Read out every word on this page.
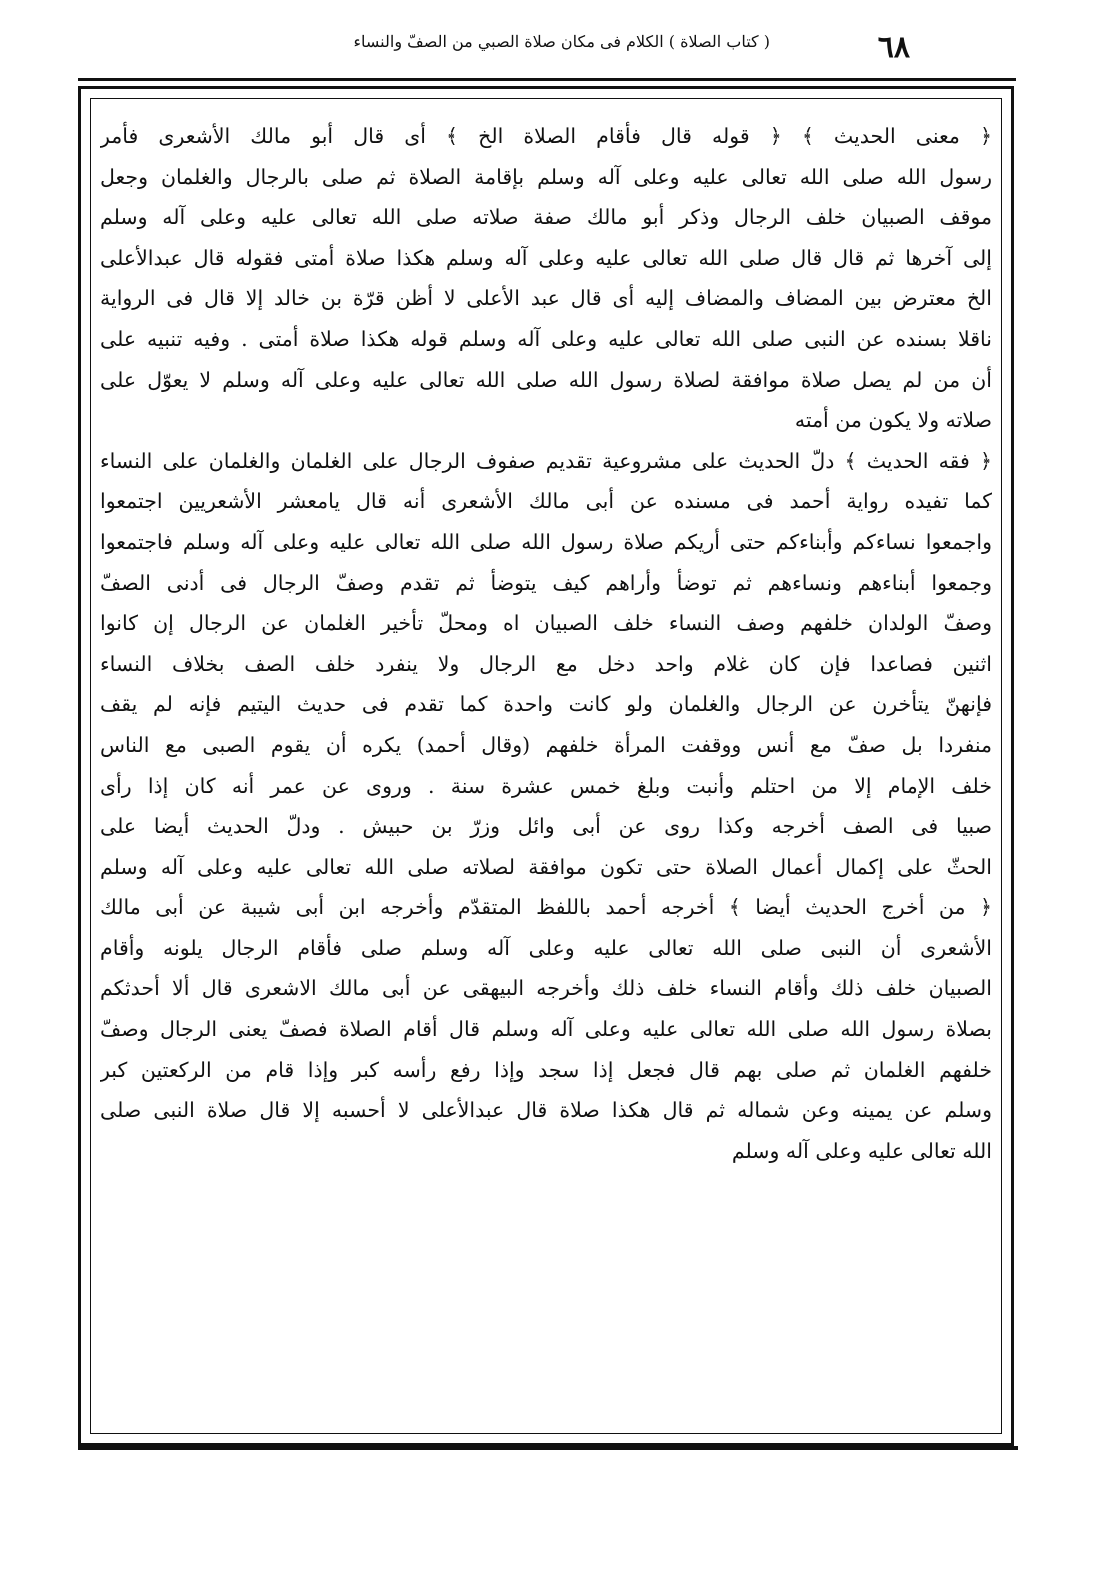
٦٨
( كتاب الصلاة ) الكلام فى مكان صلاة الصبي من الصفّ والنساء
﴿ معنى الحديث ﴾ ﴿ قوله قال فأقام الصلاة الخ ﴾ أى قال أبو مالك الأشعرى فأمر
رسول الله صلى الله تعالى عليه وعلى آله وسلم بإقامة الصلاة ثم صلى بالرجال والغلمان وجعل
موقف الصبيان خلف الرجال وذكر أبو مالك صفة صلاته صلى الله تعالى عليه وعلى آله وسلم
إلى آخرها ثم قال قال صلى الله تعالى عليه وعلى آله وسلم هكذا صلاة أمتى فقوله قال عبدالأعلى
الخ معترض بين المضاف والمضاف إليه أى قال عبد الأعلى لا أظن قرّة بن خالد إلا قال فى الرواية
ناقلا بسنده عن النبى صلى الله تعالى عليه وعلى آله وسلم قوله هكذا صلاة أمتى . وفيه تنبيه على
أن من لم يصل صلاة موافقة لصلاة رسول الله صلى الله تعالى عليه وعلى آله وسلم لا يعوّل على
صلاته ولا يكون من أمته
﴿ فقه الحديث ﴾ دلّ الحديث على مشروعية تقديم صفوف الرجال على الغلمان والغلمان على النساء
كما تفيده رواية أحمد فى مسنده عن أبى مالك الأشعرى أنه قال يامعشر الأشعريين اجتمعوا
واجمعوا نساءكم وأبناءكم حتى أريكم صلاة رسول الله صلى الله تعالى عليه وعلى آله وسلم فاجتمعوا
وجمعوا أبناءهم ونساءهم ثم توضأ وأراهم كيف يتوضأ ثم تقدم وصفّ الرجال فى أدنى الصفّ
وصفّ الولدان خلفهم وصف النساء خلف الصبيان اه ومحلّ تأخير الغلمان عن الرجال إن كانوا
اثنين فصاعدا فإن كان غلام واحد دخل مع الرجال ولا ينفرد خلف الصف بخلاف النساء
فإنهنّ يتأخرن عن الرجال والغلمان ولو كانت واحدة كما تقدم فى حديث اليتيم فإنه لم يقف
منفردا بل صفّ مع أنس ووقفت المرأة خلفهم (وقال أحمد) يكره أن يقوم الصبى مع الناس
خلف الإمام إلا من احتلم وأنبت وبلغ خمس عشرة سنة . وروى عن عمر أنه كان إذا رأى
صبيا فى الصف أخرجه وكذا روى عن أبى وائل وزرّ بن حبيش . ودلّ الحديث أيضا على
الحثّ على إكمال أعمال الصلاة حتى تكون موافقة لصلاته صلى الله تعالى عليه وعلى آله وسلم
﴿ من أخرج الحديث أيضا ﴾ أخرجه أحمد باللفظ المتقدّم وأخرجه ابن أبى شيبة عن أبى مالك
الأشعرى أن النبى صلى الله تعالى عليه وعلى آله وسلم صلى فأقام الرجال يلونه وأقام
الصبيان خلف ذلك وأقام النساء خلف ذلك وأخرجه البيهقى عن أبى مالك الاشعرى قال ألا أحدثكم
بصلاة رسول الله صلى الله تعالى عليه وعلى آله وسلم قال أقام الصلاة فصفّ يعنى الرجال وصفّ
خلفهم الغلمان ثم صلى بهم قال فجعل إذا سجد وإذا رفع رأسه كبر وإذا قام من الركعتين كبر
وسلم عن يمينه وعن شماله ثم قال هكذا صلاة قال عبدالأعلى لا أحسبه إلا قال صلاة النبى صلى
الله تعالى عليه وعلى آله وسلم
